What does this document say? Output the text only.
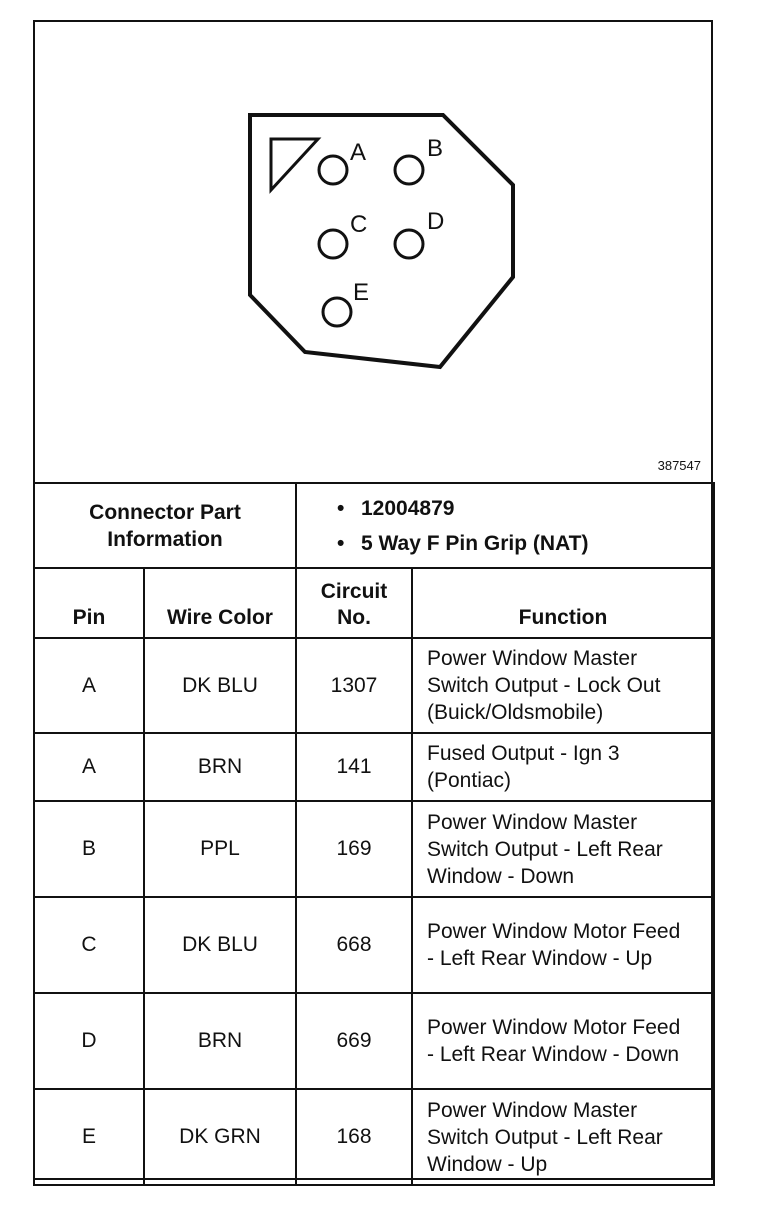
A	B
C D
E
387547
Connector Part Information

• 12004879
• 5 Way F Pin Grip (NAT)
Pin	Wire Color	Circuit No.	Function
A	DK BLU	1307	Power Window Master Switch Output - Lock Out (Buick/Oldsmobile)

A	BRN	141	Fused Output - Ign 3 (Pontiac)

B	PPL	169	Power Window Master Switch Output - Left Rear Window - Down

C	DK BLU	668	Power Window Motor Feed - Left Rear Window - Up

D	BRN	669	Power Window Motor Feed - Left Rear Window - Down

E	DK GRN	168	Power Window Master Switch Output - Left Rear Window - Up
